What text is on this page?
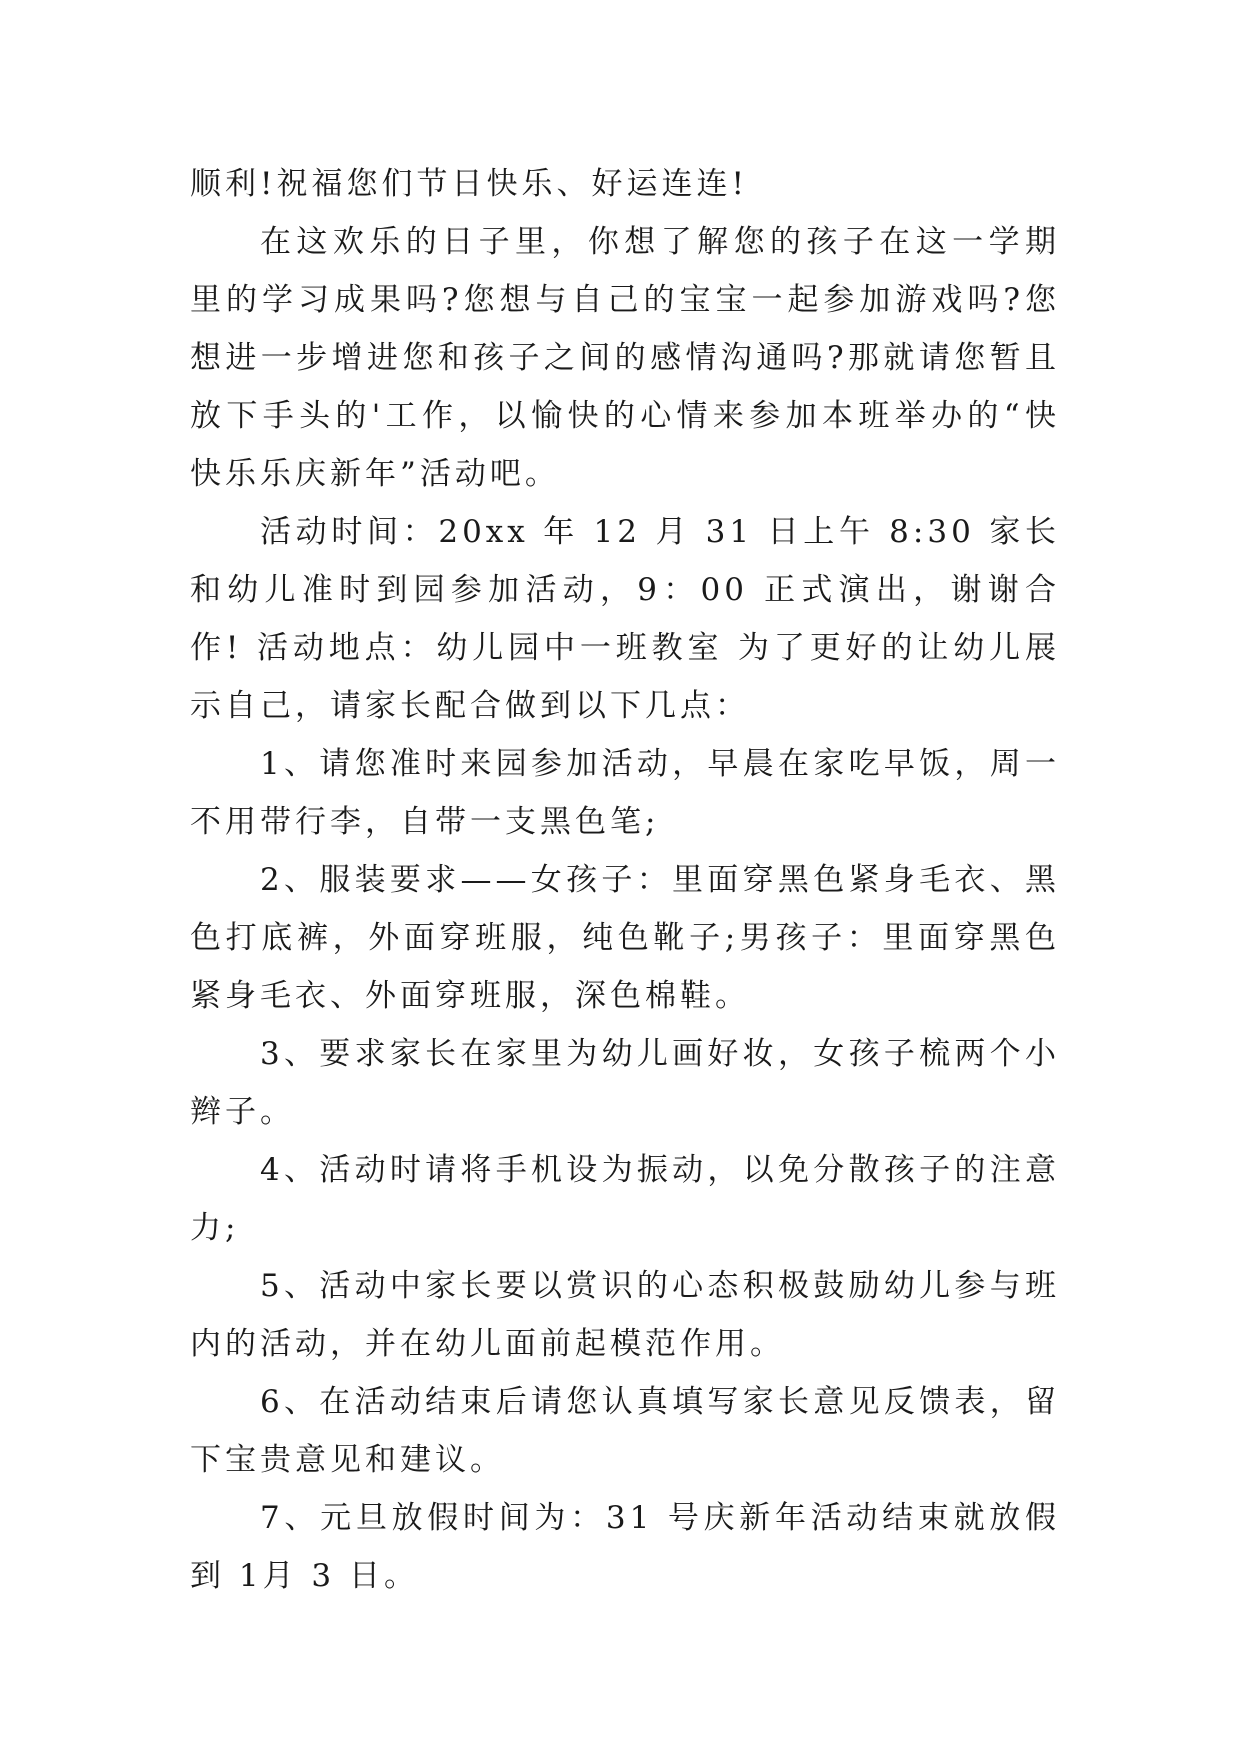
顺利!祝福您们节日快乐、好运连连!

在这欢乐的日子里，你想了解您的孩子在这一学期里的学习成果吗?您想与自己的宝宝一起参加游戏吗?您想进一步增进您和孩子之间的感情沟通吗?那就请您暂且放下手头的'工作，以愉快的心情来参加本班举办的“快快乐乐庆新年”活动吧。

活动时间：20xx 年 12 月 31 日上午 8:30 家长和幼儿准时到园参加活动，9：00 正式演出，谢谢合作! 活动地点：幼儿园中一班教室 为了更好的让幼儿展示自己，请家长配合做到以下几点：

1、请您准时来园参加活动，早晨在家吃早饭，周一不用带行李，自带一支黑色笔;

2、服装要求——女孩子：里面穿黑色紧身毛衣、黑色打底裤，外面穿班服，纯色靴子;男孩子：里面穿黑色紧身毛衣、外面穿班服，深色棉鞋。

3、要求家长在家里为幼儿画好妆，女孩子梳两个小辫子。

4、活动时请将手机设为振动，以免分散孩子的注意力;

5、活动中家长要以赏识的心态积极鼓励幼儿参与班内的活动，并在幼儿面前起模范作用。

6、在活动结束后请您认真填写家长意见反馈表，留下宝贵意见和建议。

7、元旦放假时间为：31 号庆新年活动结束就放假到 1月 3 日。
